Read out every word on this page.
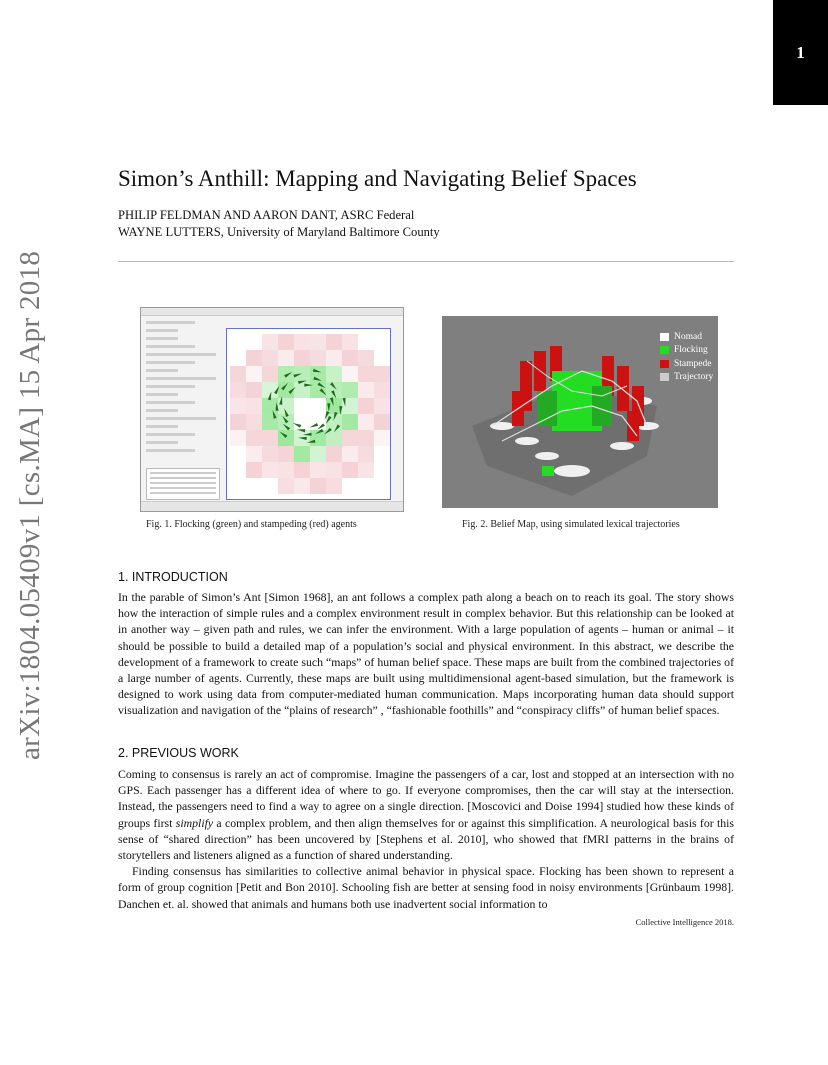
1
arXiv:1804.05409v1 [cs.MA] 15 Apr 2018
Simon’s Anthill: Mapping and Navigating Belief Spaces
PHILIP FELDMAN AND AARON DANT, ASRC Federal
WAYNE LUTTERS, University of Maryland Baltimore County
Fig. 1. Flocking (green) and stampeding (red) agents
Nomad
Flocking
Stampede
Trajectory
Fig. 2. Belief Map, using simulated lexical trajectories
1. INTRODUCTION

In the parable of Simon’s Ant [Simon 1968], an ant follows a complex path along a beach on to reach its goal. The story shows how the interaction of simple rules and a complex environment result in complex behavior. But this relationship can be looked at in another way – given path and rules, we can infer the environment. With a large population of agents – human or animal – it should be possible to build a detailed map of a population’s social and physical environment. In this abstract, we describe the development of a framework to create such “maps” of human belief space. These maps are built from the combined trajectories of a large number of agents. Currently, these maps are built using multidimensional agent-based simulation, but the framework is designed to work using data from computer-mediated human communication. Maps incorporating human data should support visualization and navigation of the “plains of research” , “fashionable foothills” and “conspiracy cliffs” of human belief spaces.

2. PREVIOUS WORK

Coming to consensus is rarely an act of compromise. Imagine the passengers of a car, lost and stopped at an intersection with no GPS. Each passenger has a different idea of where to go. If everyone compromises, then the car will stay at the intersection. Instead, the passengers need to find a way to agree on a single direction. [Moscovici and Doise 1994] studied how these kinds of groups first simplify a complex problem, and then align themselves for or against this simplification. A neurological basis for this sense of “shared direction” has been uncovered by [Stephens et al. 2010], who showed that fMRI patterns in the brains of storytellers and listeners aligned as a function of shared understanding.

Finding consensus has similarities to collective animal behavior in physical space. Flocking has been shown to represent a form of group cognition [Petit and Bon 2010]. Schooling fish are better at sensing food in noisy environments [Grünbaum 1998]. Danchen et. al. showed that animals and humans both use inadvertent social information to

Collective Intelligence 2018.
